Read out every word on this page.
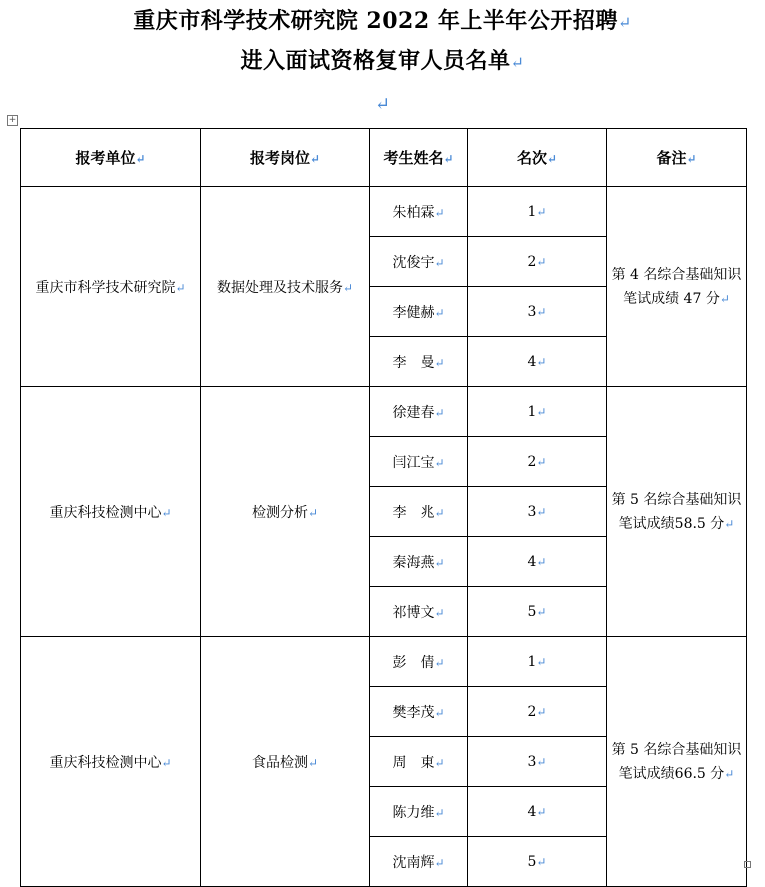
重庆市科学技术研究院 2022 年上半年公开招聘↵
进入面试资格复审人员名单↵
↵
+
报考单位↵	报考岗位↵	考生姓名↵	名次↵	备注↵
重庆市科学技术研究院↵	数据处理及技术服务↵	朱柏霖↵	1↵	第 4 名综合基础知识笔试成绩 47 分↵
		沈俊宇↵	2↵	
		李健赫↵	3↵	
		李　曼↵	4↵	
重庆科技检测中心↵	检测分析↵	徐建春↵	1↵	第 5 名综合基础知识笔试成绩58.5 分↵
		闫江宝↵	2↵	
		李　兆↵	3↵	
		秦海燕↵	4↵	
		祁博文↵	5↵	
重庆科技检测中心↵	食品检测↵	彭　倩↵	1↵	第 5 名综合基础知识笔试成绩66.5 分↵
		樊李茂↵	2↵	
		周　東↵	3↵	
		陈力维↵	4↵	
		沈南辉↵	5↵	
